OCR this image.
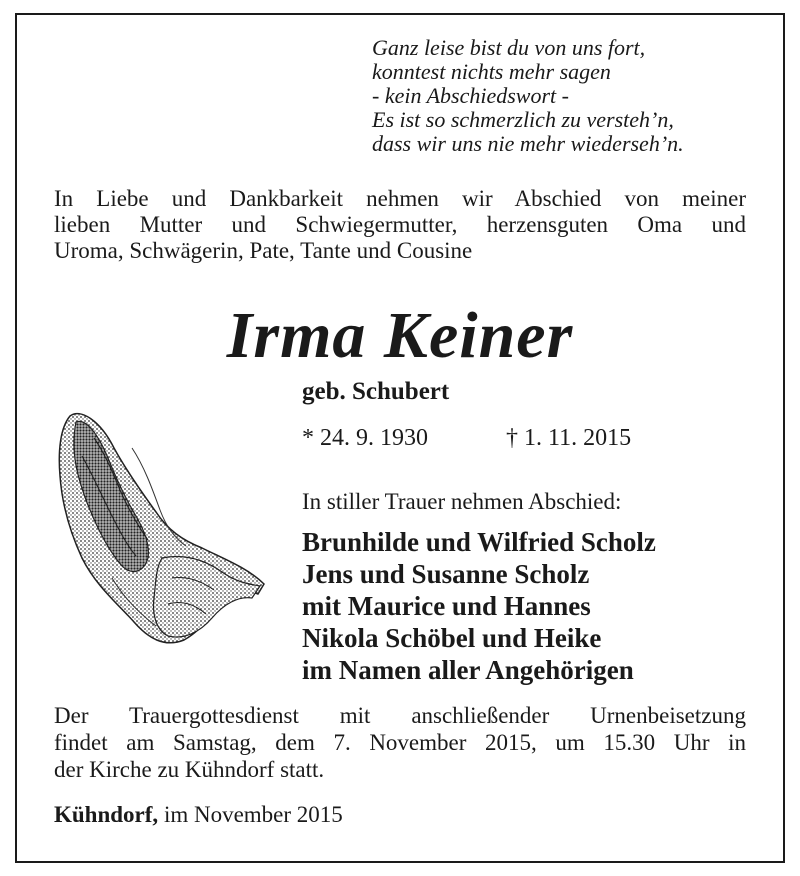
Ganz leise bist du von uns fort,
konntest nichts mehr sagen
- kein Abschiedswort -
Es ist so schmerzlich zu versteh’n,
dass wir uns nie mehr wiederseh’n.
In Liebe und Dankbarkeit nehmen wir Abschied von meiner
lieben Mutter und Schwiegermutter, herzensguten Oma und
Uroma, Schwägerin, Pate, Tante und Cousine
Irma Keiner
geb. Schubert
* 24. 9. 1930	† 1. 11. 2015
In stiller Trauer nehmen Abschied:
Brunhilde und Wilfried Scholz
Jens und Susanne Scholz
mit Maurice und Hannes
Nikola Schöbel und Heike
im Namen aller Angehörigen
Der Trauergottesdienst mit anschließender Urnenbeisetzung
findet am Samstag, dem 7. November 2015, um 15.30 Uhr in
der Kirche zu Kühndorf statt.
Kühndorf, im November 2015
